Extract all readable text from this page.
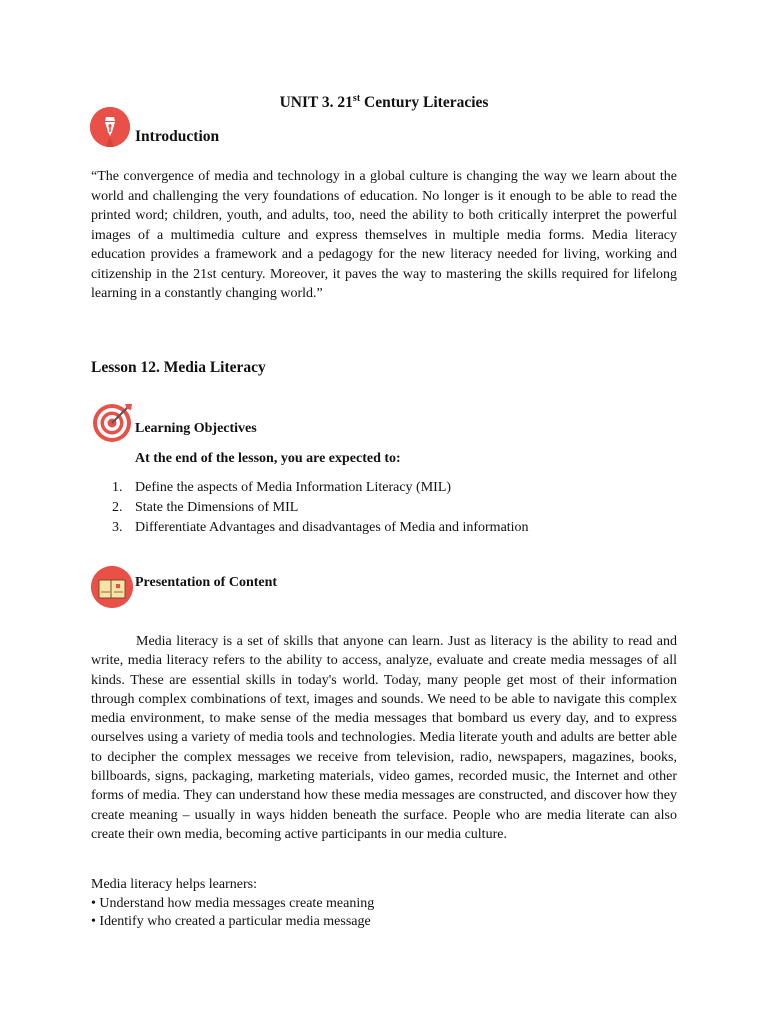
UNIT 3. 21st Century Literacies
Introduction

“The convergence of media and technology in a global culture is changing the way we learn about the world and challenging the very foundations of education. No longer is it enough to be able to read the printed word; children, youth, and adults, too, need the ability to both critically interpret the powerful images of a multimedia culture and express themselves in multiple media forms. Media literacy education provides a framework and a pedagogy for the new literacy needed for living, working and citizenship in the 21st century. Moreover, it paves the way to mastering the skills required for lifelong learning in a constantly changing world.”

Lesson 12. Media Literacy
Learning Objectives
At the end of the lesson, you are expected to:
1. Define the aspects of Media Information Literacy (MIL)
2. State the Dimensions of MIL
3. Differentiate Advantages and disadvantages of Media and information
Presentation of Content

Media literacy is a set of skills that anyone can learn. Just as literacy is the ability to read and write, media literacy refers to the ability to access, analyze, evaluate and create media messages of all kinds. These are essential skills in today's world. Today, many people get most of their information through complex combinations of text, images and sounds. We need to be able to navigate this complex media environment, to make sense of the media messages that bombard us every day, and to express ourselves using a variety of media tools and technologies. Media literate youth and adults are better able to decipher the complex messages we receive from television, radio, newspapers, magazines, books, billboards, signs, packaging, marketing materials, video games, recorded music, the Internet and other forms of media. They can understand how these media messages are constructed, and discover how they create meaning – usually in ways hidden beneath the surface. People who are media literate can also create their own media, becoming active participants in our media culture.

Media literacy helps learners:
• Understand how media messages create meaning
• Identify who created a particular media message
